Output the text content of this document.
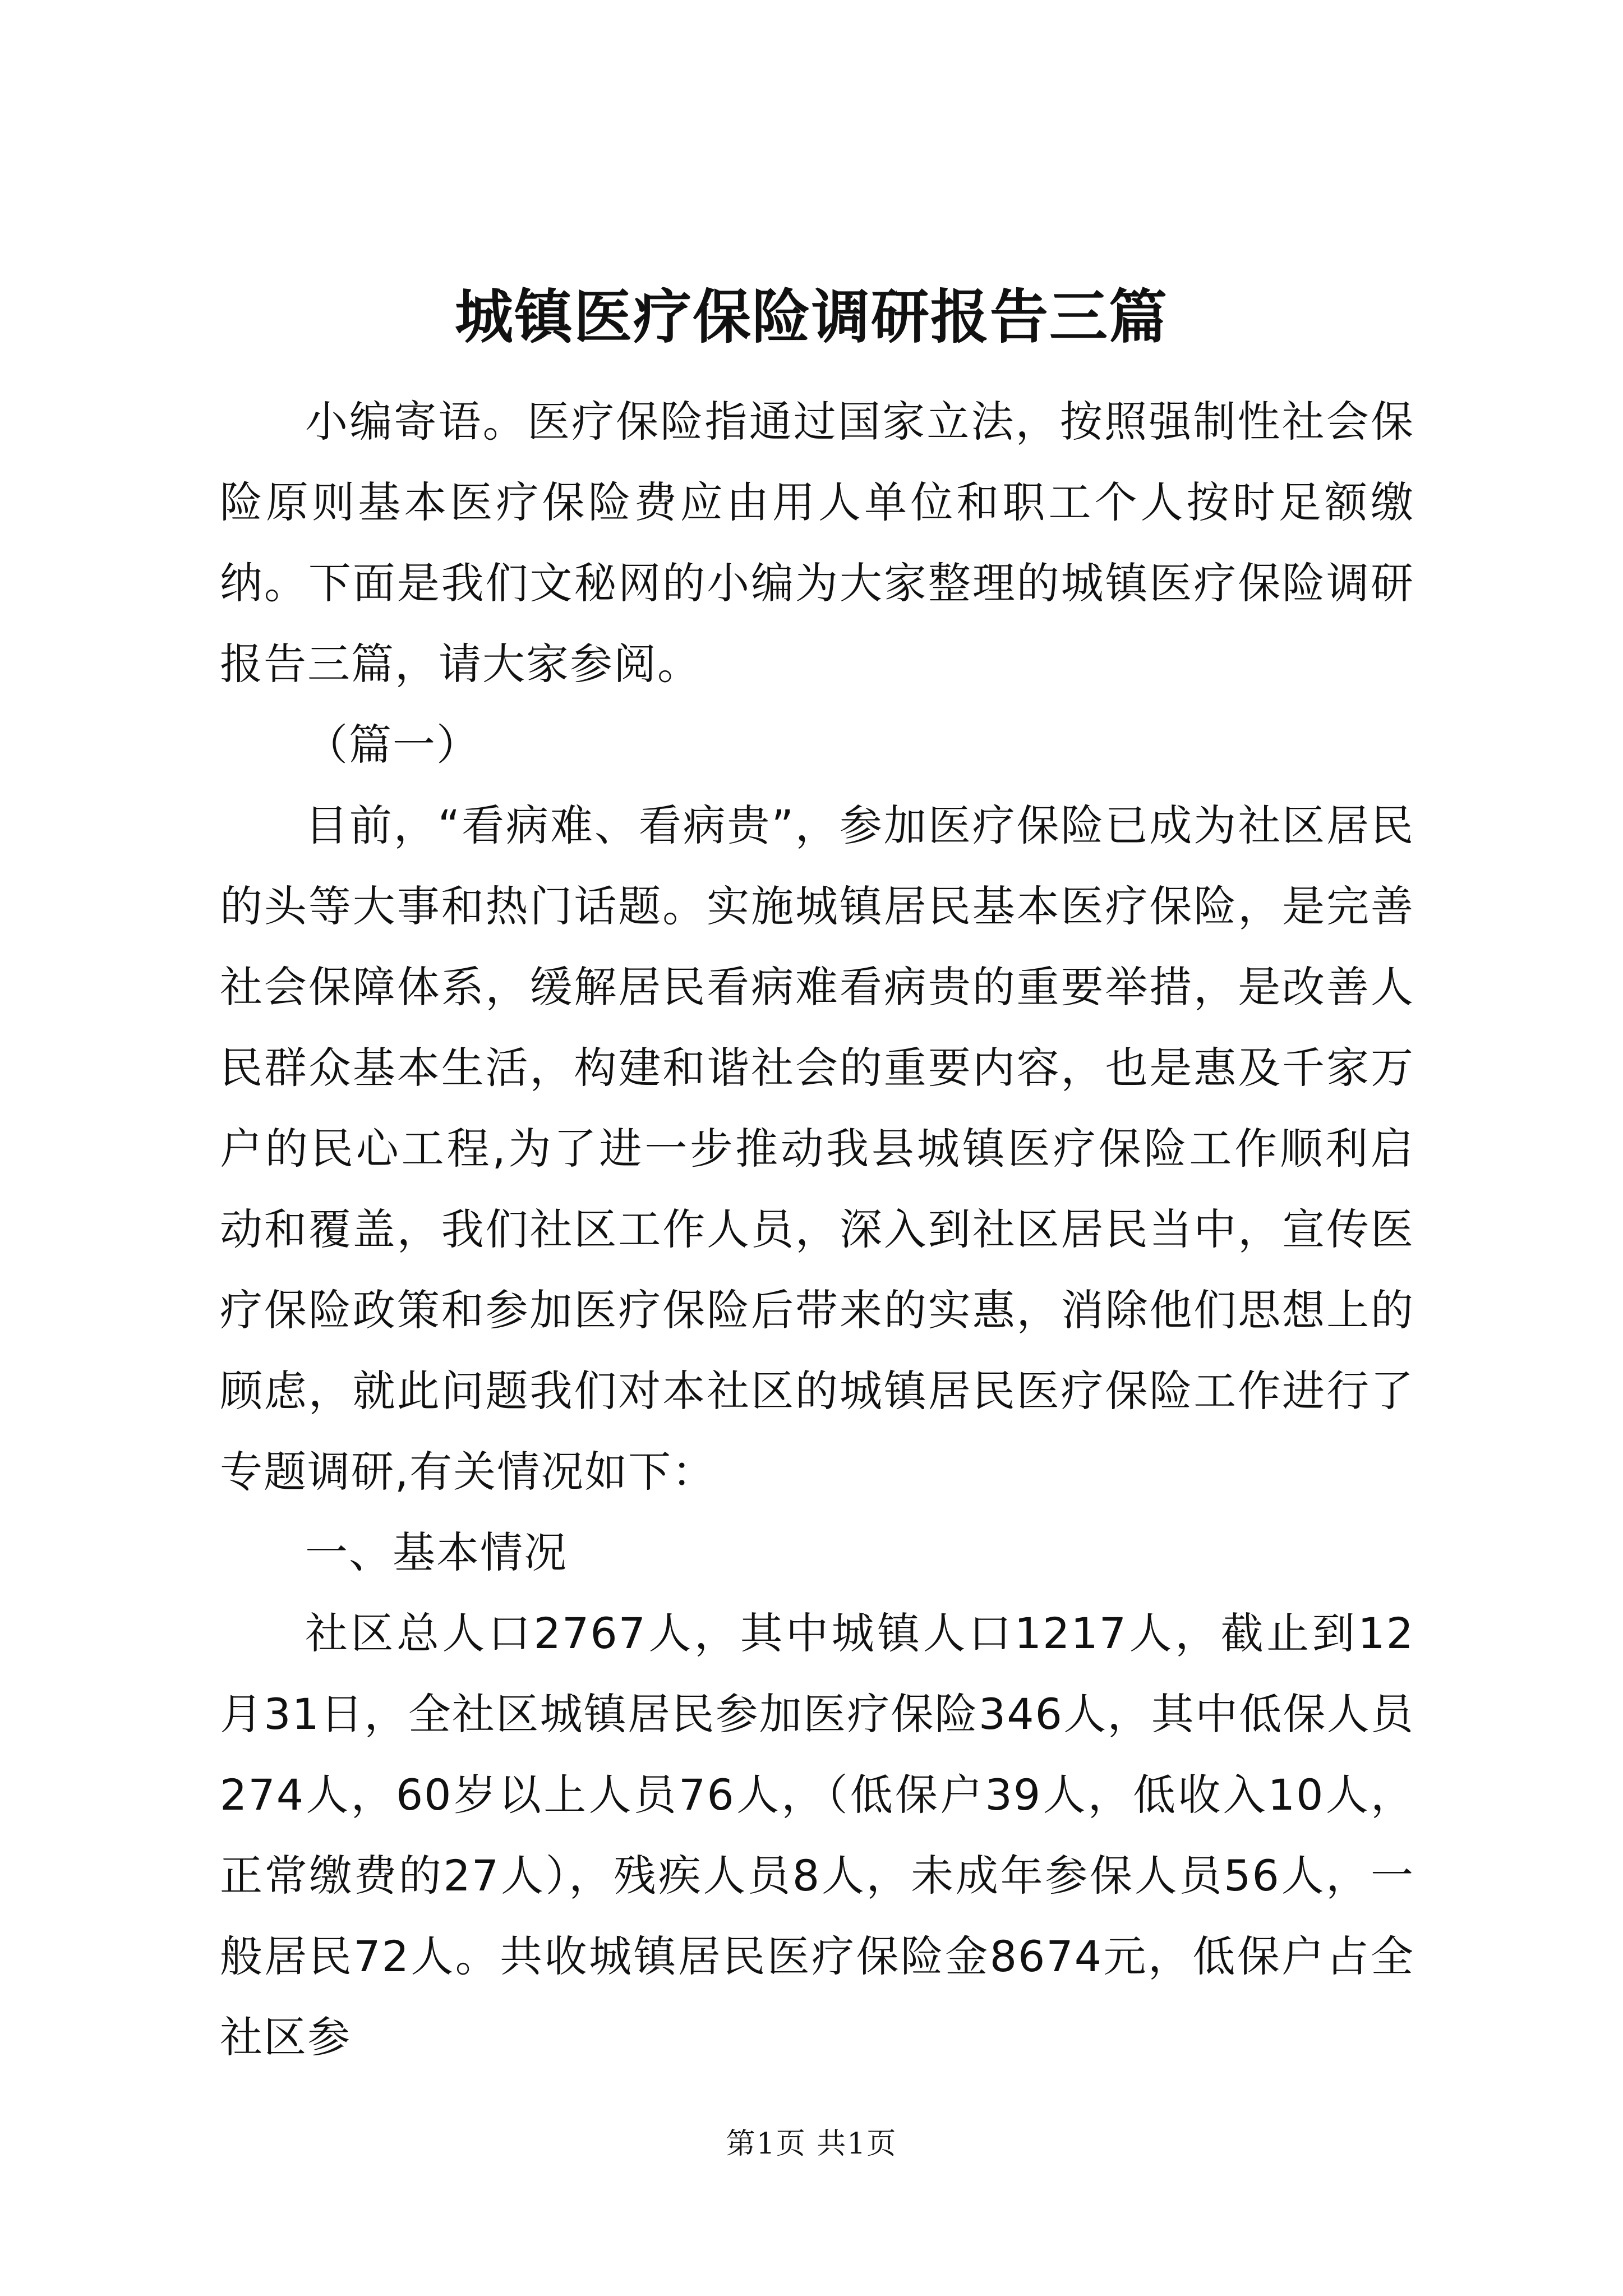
城镇医疗保险调研报告三篇

小编寄语。医疗保险指通过国家立法，按照强制性社会保险原则基本医疗保险费应由用人单位和职工个人按时足额缴纳。下面是我们文秘网的小编为大家整理的城镇医疗保险调研报告三篇，请大家参阅。

（篇一）

目前，“看病难、看病贵”，参加医疗保险已成为社区居民的头等大事和热门话题。实施城镇居民基本医疗保险，是完善社会保障体系，缓解居民看病难看病贵的重要举措，是改善人民群众基本生活，构建和谐社会的重要内容，也是惠及千家万户的民心工程,为了进一步推动我县城镇医疗保险工作顺利启动和覆盖，我们社区工作人员，深入到社区居民当中，宣传医疗保险政策和参加医疗保险后带来的实惠，消除他们思想上的顾虑，就此问题我们对本社区的城镇居民医疗保险工作进行了专题调研,有关情况如下：

一、基本情况

社区总人口2767人，其中城镇人口1217人，截止到12月31日，全社区城镇居民参加医疗保险346人，其中低保人员274人，60岁以上人员76人，（低保户39人，低收入10人，正常缴费的27人），残疾人员8人，未成年参保人员56人，一般居民72人。共收城镇居民医疗保险金8674元，低保户占全社区参

第1页 共1页
